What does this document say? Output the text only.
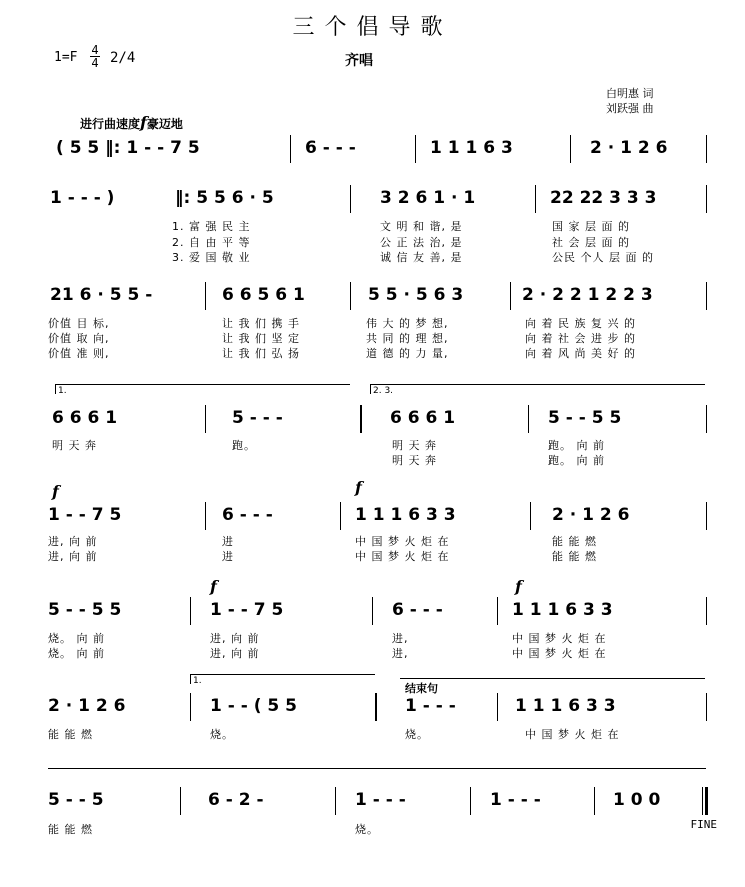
三个倡导歌
$1=F \frac{4}{4} 2/4$	齐唱
白明惠 词
刘跃强 曲
进行曲速度f豪迈地
( 5 5 ‖: 1 - - 7 5	6 - - -	1 1 1 6 3	2 · 1 2 6
1 - - - )	‖: 5 5 6 · 5	3 2 6 1 · 1	22 22 3 3 3
1. 富 强 民 主	文 明 和 谐, 是	国 家 层 面 的
2. 自 由 平 等	公 正 法 治, 是	社 会 层 面 的
3. 爱 国 敬 业	诚 信 友 善, 是	公民 个人 层 面 的
21 6 · 5 5 -	6 6 5 6 1	5 5 · 5 6 3	2 · 2 2 1 2 2 3
价值 目 标,	让 我 们 携 手	伟 大 的 梦 想,	向 着 民 族 复 兴 的
价值 取 向,	让 我 们 坚 定	共 同 的 理 想,	向 着 社 会 进 步 的
价值 准 则,	让 我 们 弘 扬	道 德 的 力 量,	向 着 风 尚 美 好 的
1.	2. 3.
6 6 6 1	5 - - -	6 6 6 1	5 - - 5 5
明 天 奔	跑。	明 天 奔	跑。 向 前
明 天 奔	跑。 向 前
f	f
1 - - 7 5	6 - - -	1 1 1 6 3 3	2 · 1 2 6
进, 向 前	进	中 国 梦 火 炬 在	能 能 燃
进, 向 前	进	中 国 梦 火 炬 在	能 能 燃
f	f
5 - - 5 5	1 - - 7 5	6 - - -	1 1 1 6 3 3
烧。 向 前	进, 向 前	进,	中 国 梦 火 炬 在
烧。 向 前	进, 向 前	进,	中 国 梦 火 炬 在
1.
结束句
2 · 1 2 6	1 - - ( 5 5	1 - - -	1 1 1 6 3 3
能 能 燃	烧。	烧。	中 国 梦 火 炬 在
5 - - 5	6 - 2 -	1 - - -	1 - - -	1 0 0
能 能 燃	烧。	FINE
